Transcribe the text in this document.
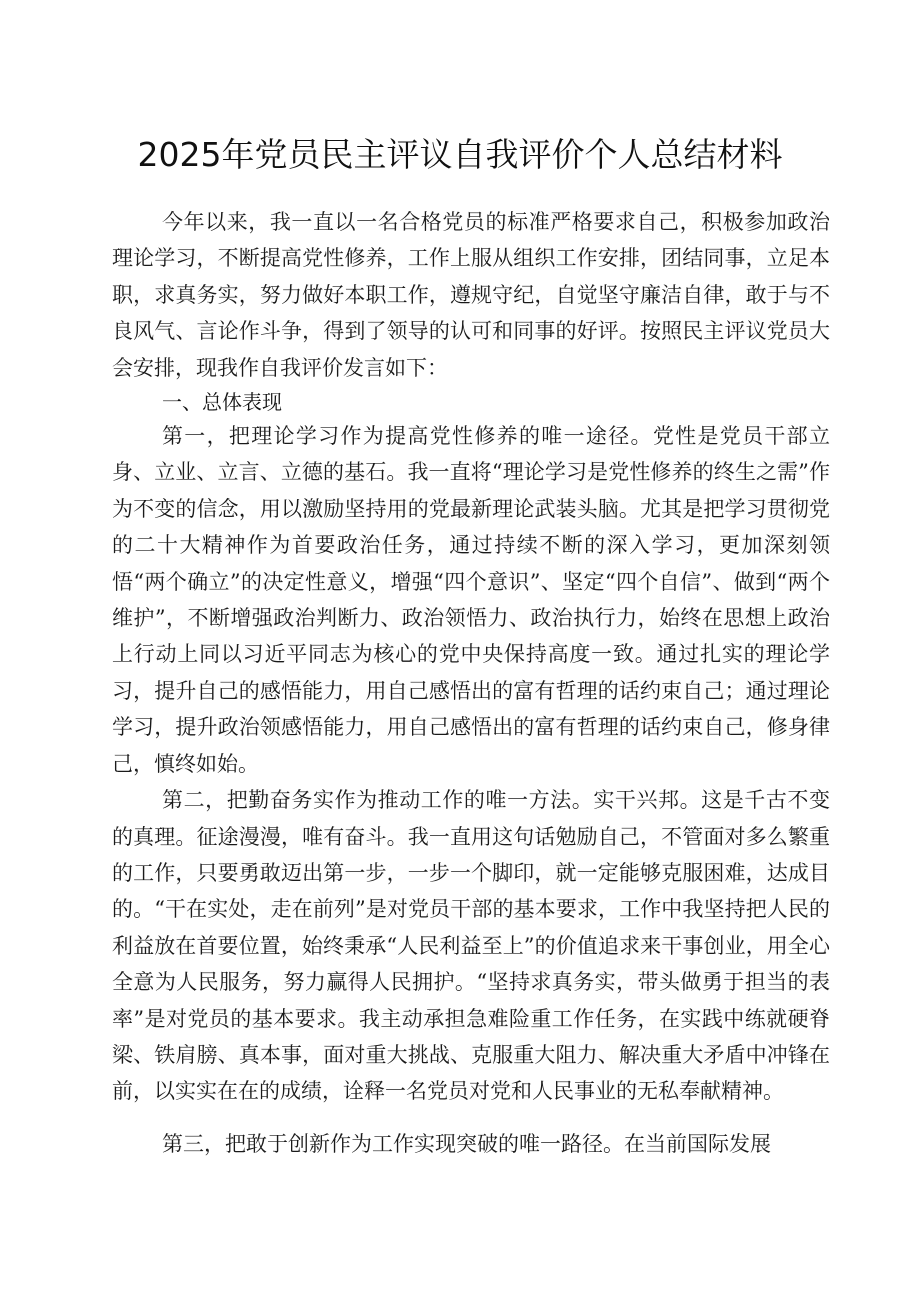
2025年党员民主评议自我评价个人总结材料

今年以来，我一直以一名合格党员的标准严格要求自己，积极参加政治理论学习，不断提高党性修养，工作上服从组织工作安排，团结同事，立足本职，求真务实，努力做好本职工作，遵规守纪，自觉坚守廉洁自律，敢于与不良风气、言论作斗争，得到了领导的认可和同事的好评。按照民主评议党员大会安排，现我作自我评价发言如下：

一、总体表现

第一，把理论学习作为提高党性修养的唯一途径。党性是党员干部立身、立业、立言、立德的基石。我一直将“理论学习是党性修养的终生之需”作为不变的信念，用以激励坚持用的党最新理论武装头脑。尤其是把学习贯彻党的二十大精神作为首要政治任务，通过持续不断的深入学习，更加深刻领悟“两个确立”的决定性意义，增强“四个意识”、坚定“四个自信”、做到“两个维护”，不断增强政治判断力、政治领悟力、政治执行力，始终在思想上政治上行动上同以习近平同志为核心的党中央保持高度一致。通过扎实的理论学习，提升自己的感悟能力，用自己感悟出的富有哲理的话约束自己；通过理论学习，提升政治领感悟能力，用自己感悟出的富有哲理的话约束自己，修身律己，慎终如始。

第二，把勤奋务实作为推动工作的唯一方法。实干兴邦。这是千古不变的真理。征途漫漫，唯有奋斗。我一直用这句话勉励自己，不管面对多么繁重的工作，只要勇敢迈出第一步，一步一个脚印，就一定能够克服困难，达成目的。“干在实处，走在前列”是对党员干部的基本要求，工作中我坚持把人民的利益放在首要位置，始终秉承“人民利益至上”的价值追求来干事创业，用全心全意为人民服务，努力赢得人民拥护。“坚持求真务实，带头做勇于担当的表率”是对党员的基本要求。我主动承担急难险重工作任务，在实践中练就硬脊梁、铁肩膀、真本事，面对重大挑战、克服重大阻力、解决重大矛盾中冲锋在前，以实实在在的成绩，诠释一名党员对党和人民事业的无私奉献精神。

第三，把敢于创新作为工作实现突破的唯一路径。在当前国际发展
